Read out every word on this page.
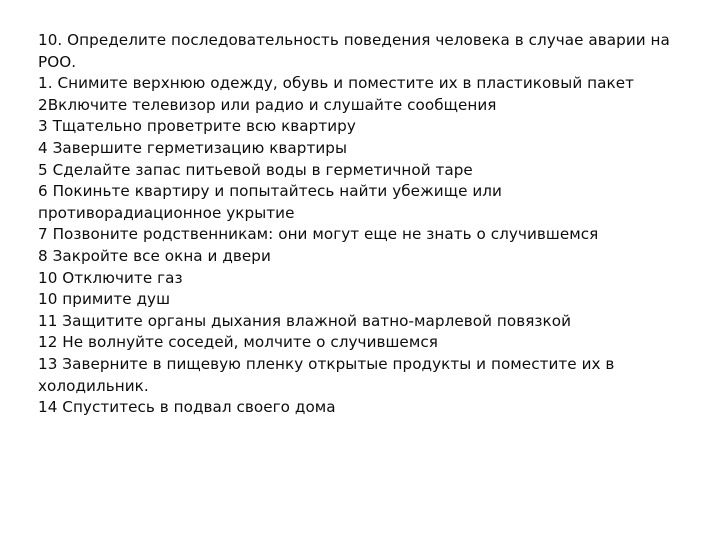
10. Определите последовательность поведения человека в случае аварии на РОО.
1. Снимите верхнюю одежду, обувь и поместите их в пластиковый пакет
2Включите телевизор или радио и слушайте сообщения
3 Тщательно проветрите всю квартиру
4 Завершите герметизацию квартиры
5 Сделайте запас питьевой воды в герметичной таре
6 Покиньте квартиру и попытайтесь найти убежище или противорадиационное укрытие
7 Позвоните родственникам: они могут еще не знать о случившемся
8 Закройте все окна и двери
10 Отключите газ
10 примите душ
11 Защитите органы дыхания влажной ватно-марлевой повязкой
12 Не волнуйте соседей, молчите о случившемся
13 Заверните в пищевую пленку открытые продукты и поместите их в холодильник.
14 Спуститесь в подвал своего дома
